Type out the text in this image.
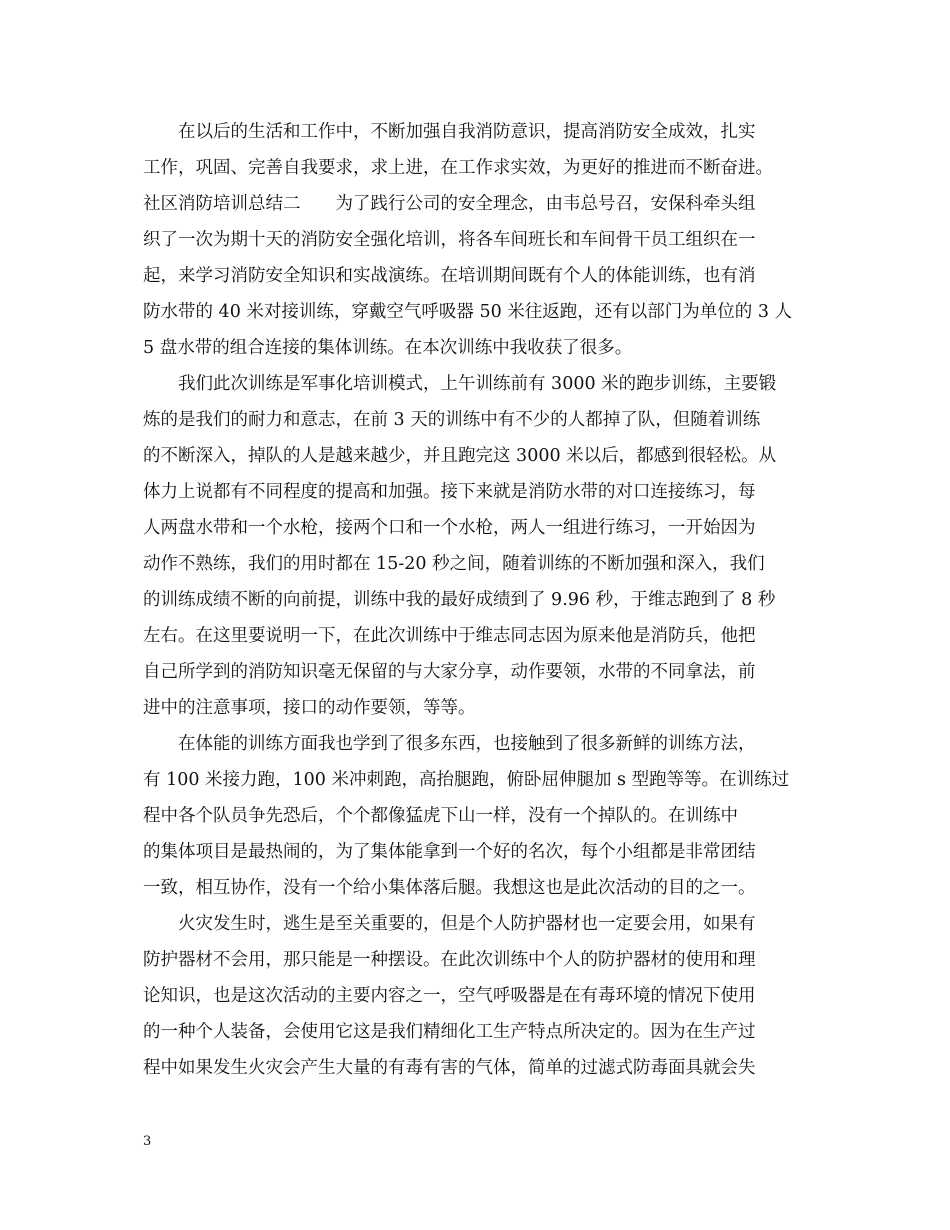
　　在以后的生活和工作中，不断加强自我消防意识，提高消防安全成效，扎实
工作，巩固、完善自我要求，求上进，在工作求实效，为更好的推进而不断奋进。
社区消防培训总结二　　为了践行公司的安全理念，由韦总号召，安保科牵头组
织了一次为期十天的消防安全强化培训，将各车间班长和车间骨干员工组织在一
起，来学习消防安全知识和实战演练。在培训期间既有个人的体能训练，也有消
防水带的 40 米对接训练，穿戴空气呼吸器 50 米往返跑，还有以部门为单位的 3 人
5 盘水带的组合连接的集体训练。在本次训练中我收获了很多。
　　我们此次训练是军事化培训模式，上午训练前有 3000 米的跑步训练，主要锻
炼的是我们的耐力和意志，在前 3 天的训练中有不少的人都掉了队，但随着训练
的不断深入，掉队的人是越来越少，并且跑完这 3000 米以后，都感到很轻松。从
体力上说都有不同程度的提高和加强。接下来就是消防水带的对口连接练习，每
人两盘水带和一个水枪，接两个口和一个水枪，两人一组进行练习，一开始因为
动作不熟练，我们的用时都在 15-20 秒之间，随着训练的不断加强和深入，我们
的训练成绩不断的向前提，训练中我的最好成绩到了 9.96 秒，于维志跑到了 8 秒
左右。在这里要说明一下，在此次训练中于维志同志因为原来他是消防兵，他把
自己所学到的消防知识毫无保留的与大家分享，动作要领，水带的不同拿法，前
进中的注意事项，接口的动作要领，等等。
　　在体能的训练方面我也学到了很多东西，也接触到了很多新鲜的训练方法，
有 100 米接力跑，100 米冲刺跑，高抬腿跑，俯卧屈伸腿加 s 型跑等等。在训练过
程中各个队员争先恐后，个个都像猛虎下山一样，没有一个掉队的。在训练中
的集体项目是最热闹的，为了集体能拿到一个好的名次，每个小组都是非常团结
一致，相互协作，没有一个给小集体落后腿。我想这也是此次活动的目的之一。
　　火灾发生时，逃生是至关重要的，但是个人防护器材也一定要会用，如果有
防护器材不会用，那只能是一种摆设。在此次训练中个人的防护器材的使用和理
论知识，也是这次活动的主要内容之一，空气呼吸器是在有毒环境的情况下使用
的一种个人装备，会使用它这是我们精细化工生产特点所决定的。因为在生产过
程中如果发生火灾会产生大量的有毒有害的气体，简单的过滤式防毒面具就会失
3
